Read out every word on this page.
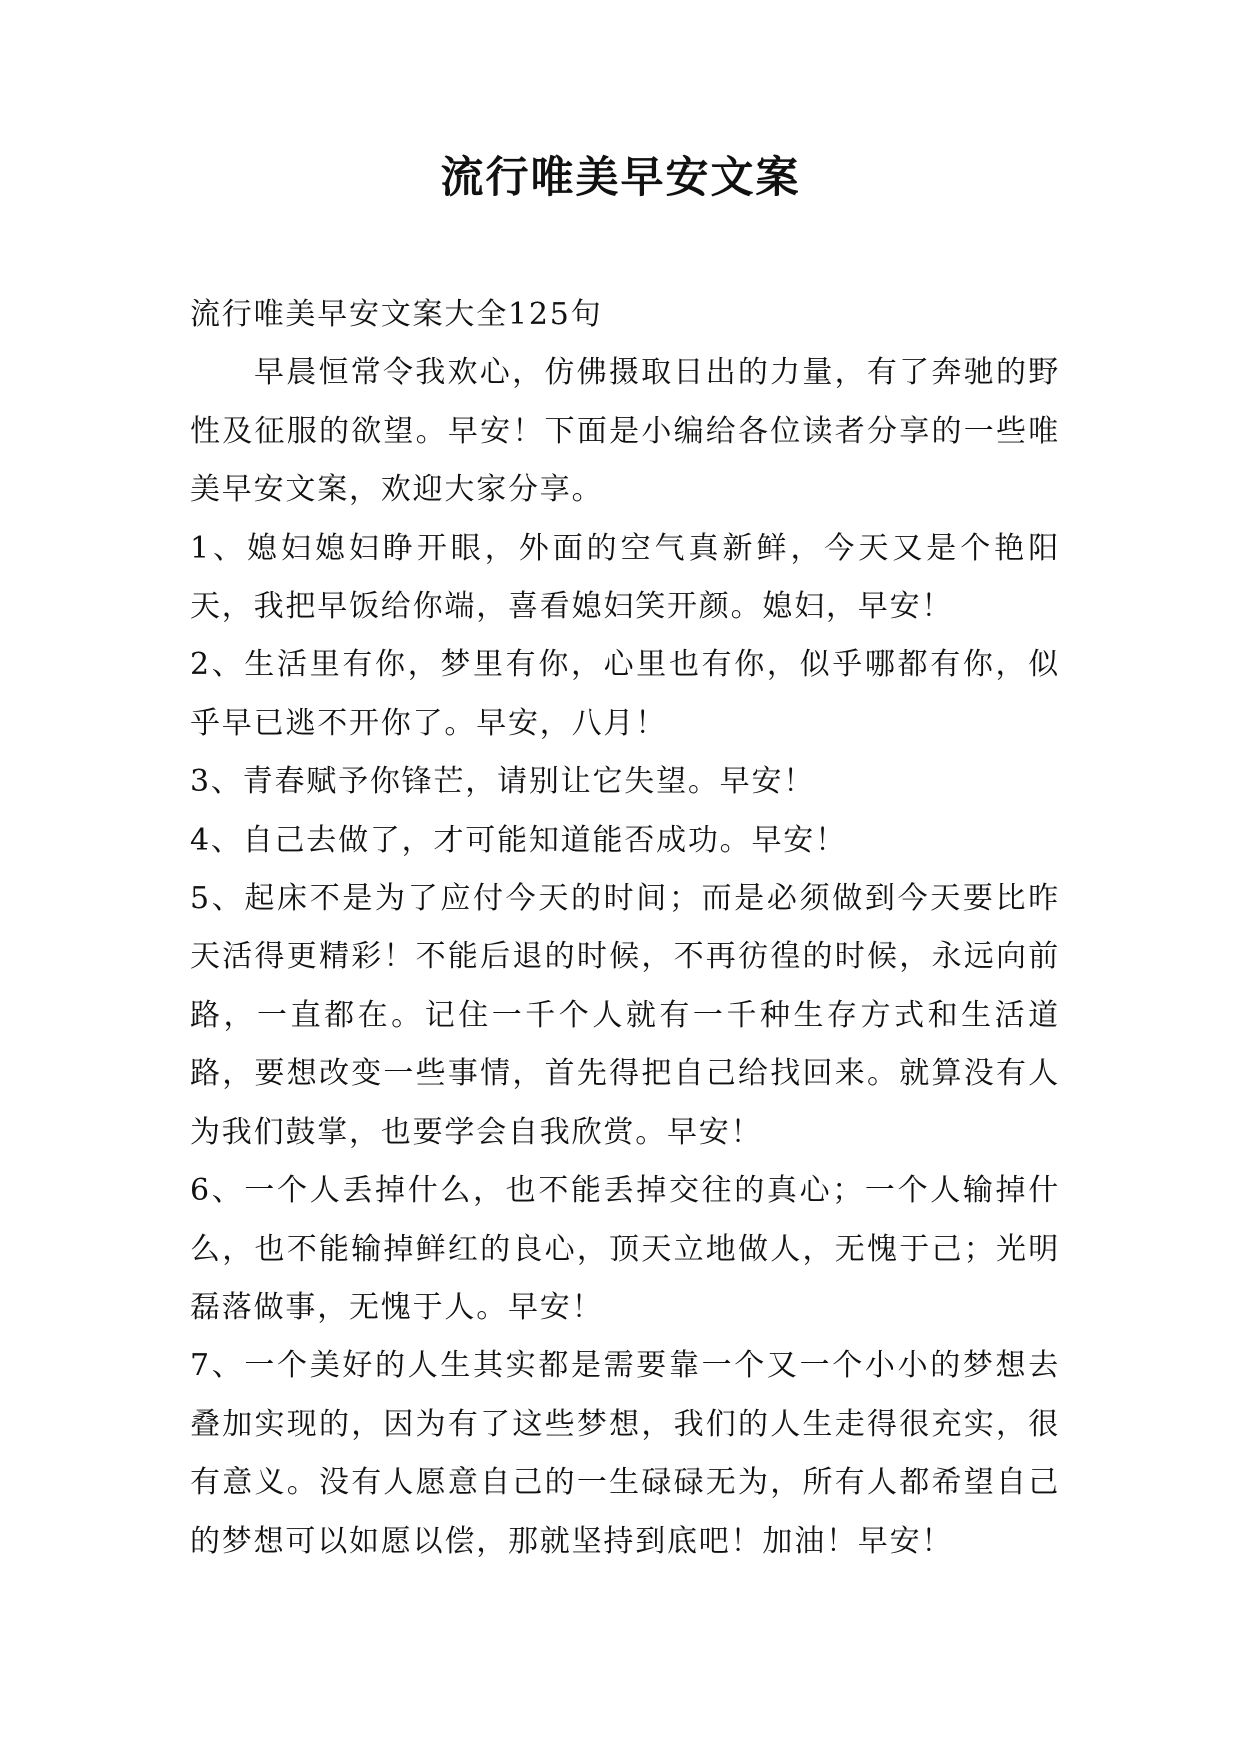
流行唯美早安文案

流行唯美早安文案大全125句

早晨恒常令我欢心，仿佛摄取日出的力量，有了奔驰的野性及征服的欲望。早安！下面是小编给各位读者分享的一些唯美早安文案，欢迎大家分享。

1、媳妇媳妇睁开眼，外面的空气真新鲜，今天又是个艳阳天，我把早饭给你端，喜看媳妇笑开颜。媳妇，早安！

2、生活里有你，梦里有你，心里也有你，似乎哪都有你，似乎早已逃不开你了。早安，八月！

3、青春赋予你锋芒，请别让它失望。早安！

4、自己去做了，才可能知道能否成功。早安！

5、起床不是为了应付今天的时间；而是必须做到今天要比昨天活得更精彩！不能后退的时候，不再彷徨的时候，永远向前路，一直都在。记住一千个人就有一千种生存方式和生活道路，要想改变一些事情，首先得把自己给找回来。就算没有人为我们鼓掌，也要学会自我欣赏。早安！

6、一个人丢掉什么，也不能丢掉交往的真心；一个人输掉什么，也不能输掉鲜红的良心，顶天立地做人，无愧于己；光明磊落做事，无愧于人。早安！

7、一个美好的人生其实都是需要靠一个又一个小小的梦想去叠加实现的，因为有了这些梦想，我们的人生走得很充实，很有意义。没有人愿意自己的一生碌碌无为，所有人都希望自己的梦想可以如愿以偿，那就坚持到底吧！加油！早安！
